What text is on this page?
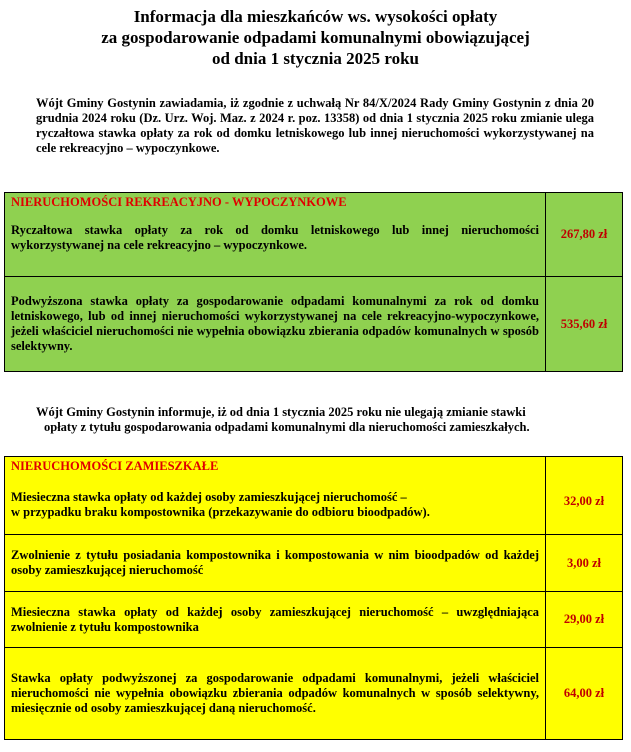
Informacja dla mieszkańców ws. wysokości opłaty
za gospodarowanie odpadami komunalnymi obowiązującej
od dnia 1 stycznia 2025 roku
Wójt Gminy Gostynin zawiadamia, iż zgodnie z uchwałą Nr 84/X/2024 Rady Gminy Gostynin z dnia 20 grudnia 2024 roku (Dz. Urz. Woj. Maz. z 2024 r. poz. 13358) od dnia 1 stycznia 2025 roku zmianie ulega ryczałtowa stawka opłaty za rok od domku letniskowego lub innej nieruchomości wykorzystywanej na cele rekreacyjno – wypoczynkowe.
NIERUCHOMOŚCI REKREACYJNO - WYPOCZYNKOWE
Ryczałtowa stawka opłaty za rok od domku letniskowego lub innej nieruchomości wykorzystywanej na cele rekreacyjno – wypoczynkowe.	267,80 zł
Podwyższona stawka opłaty za gospodarowanie odpadami komunalnymi za rok od domku letniskowego, lub od innej nieruchomości wykorzystywanej na cele rekreacyjno-wypoczynkowe, jeżeli właściciel nieruchomości nie wypełnia obowiązku zbierania odpadów komunalnych w sposób selektywny.	535,60 zł
Wójt Gminy Gostynin informuje, iż od dnia 1 stycznia 2025 roku nie ulegają zmianie stawki
opłaty z tytułu gospodarowania odpadami komunalnymi dla nieruchomości zamieszkałych.
NIERUCHOMOŚCI ZAMIESZKAŁE
Miesieczna stawka opłaty od każdej osoby zamieszkującej nieruchomość –
w przypadku braku kompostownika (przekazywanie do odbioru bioodpadów).	32,00 zł
Zwolnienie z tytułu posiadania kompostownika i kompostowania w nim bioodpadów od każdej osoby zamieszkującej nieruchomość	3,00 zł
Miesieczna stawka opłaty od każdej osoby zamieszkującej nieruchomość – uwzględniająca zwolnienie z tytułu kompostownika	29,00 zł
Stawka opłaty podwyższonej za gospodarowanie odpadami komunalnymi, jeżeli właściciel nieruchomości nie wypełnia obowiązku zbierania odpadów komunalnych w sposób selektywny, miesięcznie od osoby zamieszkującej daną nieruchomość.	64,00 zł
